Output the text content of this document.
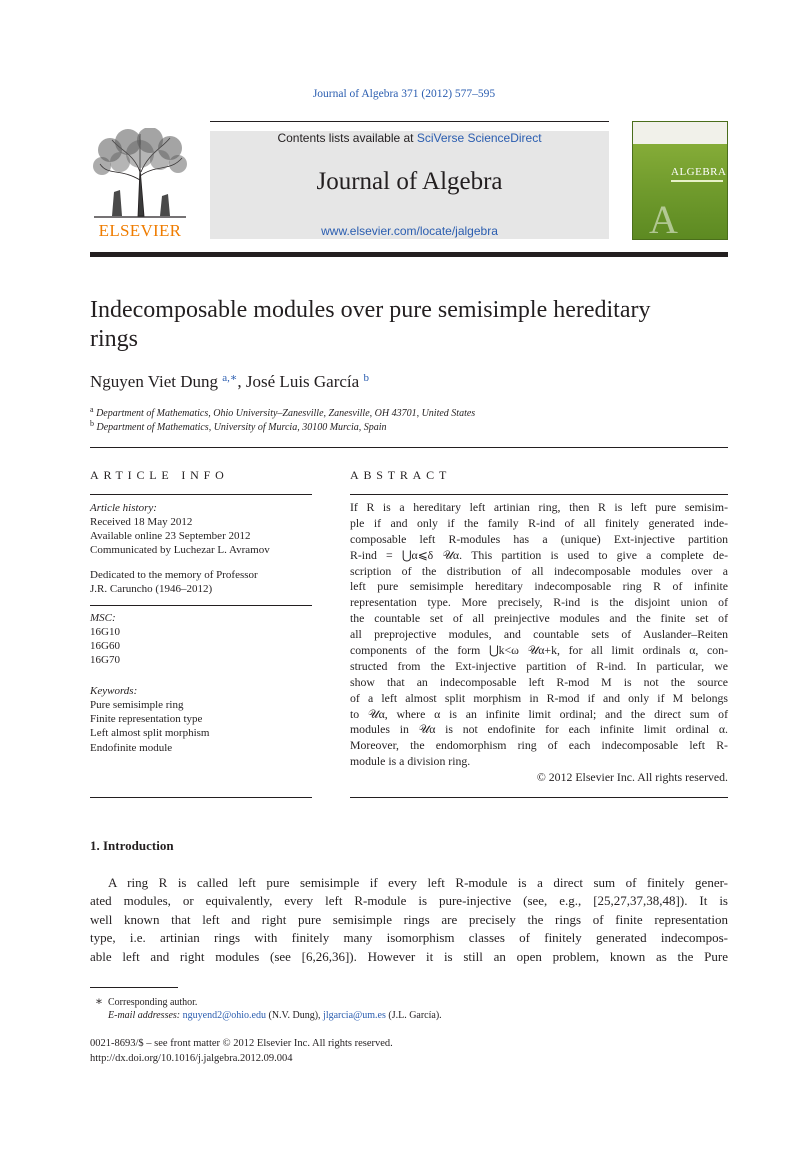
Journal of Algebra 371 (2012) 577–595
ELSEVIER
Contents lists available at SciVerse ScienceDirect
Journal of Algebra
www.elsevier.com/locate/jalgebra
ALGEBRA
A
Indecomposable modules over pure semisimple hereditary
rings
Nguyen Viet Dung $^{a,∗}$, José Luis García $^b$
$^a$ Department of Mathematics, Ohio University–Zanesville, Zanesville, OH 43701, United States
$^b$ Department of Mathematics, University of Murcia, 30100 Murcia, Spain
ARTICLE INFO	ABSTRACT
Article history:
Received 18 May 2012
Available online 23 September 2012
Communicated by Luchezar L. Avramov
Dedicated to the memory of Professor
J.R. Caruncho (1946–2012)
MSC:
16G10
16G60
16G70
Keywords:
Pure semisimple ring
Finite representation type
Left almost split morphism
Endofinite module
If R is a hereditary left artinian ring, then R is left pure semisim-
ple if and only if the family R-ind of all finitely generated inde-
composable left R-modules has a (unique) Ext-injective partition
R-ind = ⋃α⩽δ 𝒰α. This partition is used to give a complete de-
scription of the distribution of all indecomposable modules over a
left pure semisimple hereditary indecomposable ring R of infinite
representation type. More precisely, R-ind is the disjoint union of
the countable set of all preinjective modules and the finite set of
all preprojective modules, and countable sets of Auslander–Reiten
components of the form ⋃k<ω 𝒰α+k, for all limit ordinals α, con-
structed from the Ext-injective partition of R-ind. In particular, we
show that an indecomposable left R-mod M is not the source
of a left almost split morphism in R-mod if and only if M belongs
to 𝒰α, where α is an infinite limit ordinal; and the direct sum of
modules in 𝒰α is not endofinite for each infinite limit ordinal α.
Moreover, the endomorphism ring of each indecomposable left R-
module is a division ring.
© 2012 Elsevier Inc. All rights reserved.
1. Introduction
A ring R is called left pure semisimple if every left R-module is a direct sum of finitely gener-
ated modules, or equivalently, every left R-module is pure-injective (see, e.g., [25,27,37,38,48]). It is
well known that left and right pure semisimple rings are precisely the rings of finite representation
type, i.e. artinian rings with finitely many isomorphism classes of finitely generated indecompos-
able left and right modules (see [6,26,36]). However it is still an open problem, known as the Pure
∗ Corresponding author.
E-mail addresses: nguyend2@ohio.edu (N.V. Dung), jlgarcia@um.es (J.L. García).
0021-8693/$ – see front matter © 2012 Elsevier Inc. All rights reserved.
http://dx.doi.org/10.1016/j.jalgebra.2012.09.004
